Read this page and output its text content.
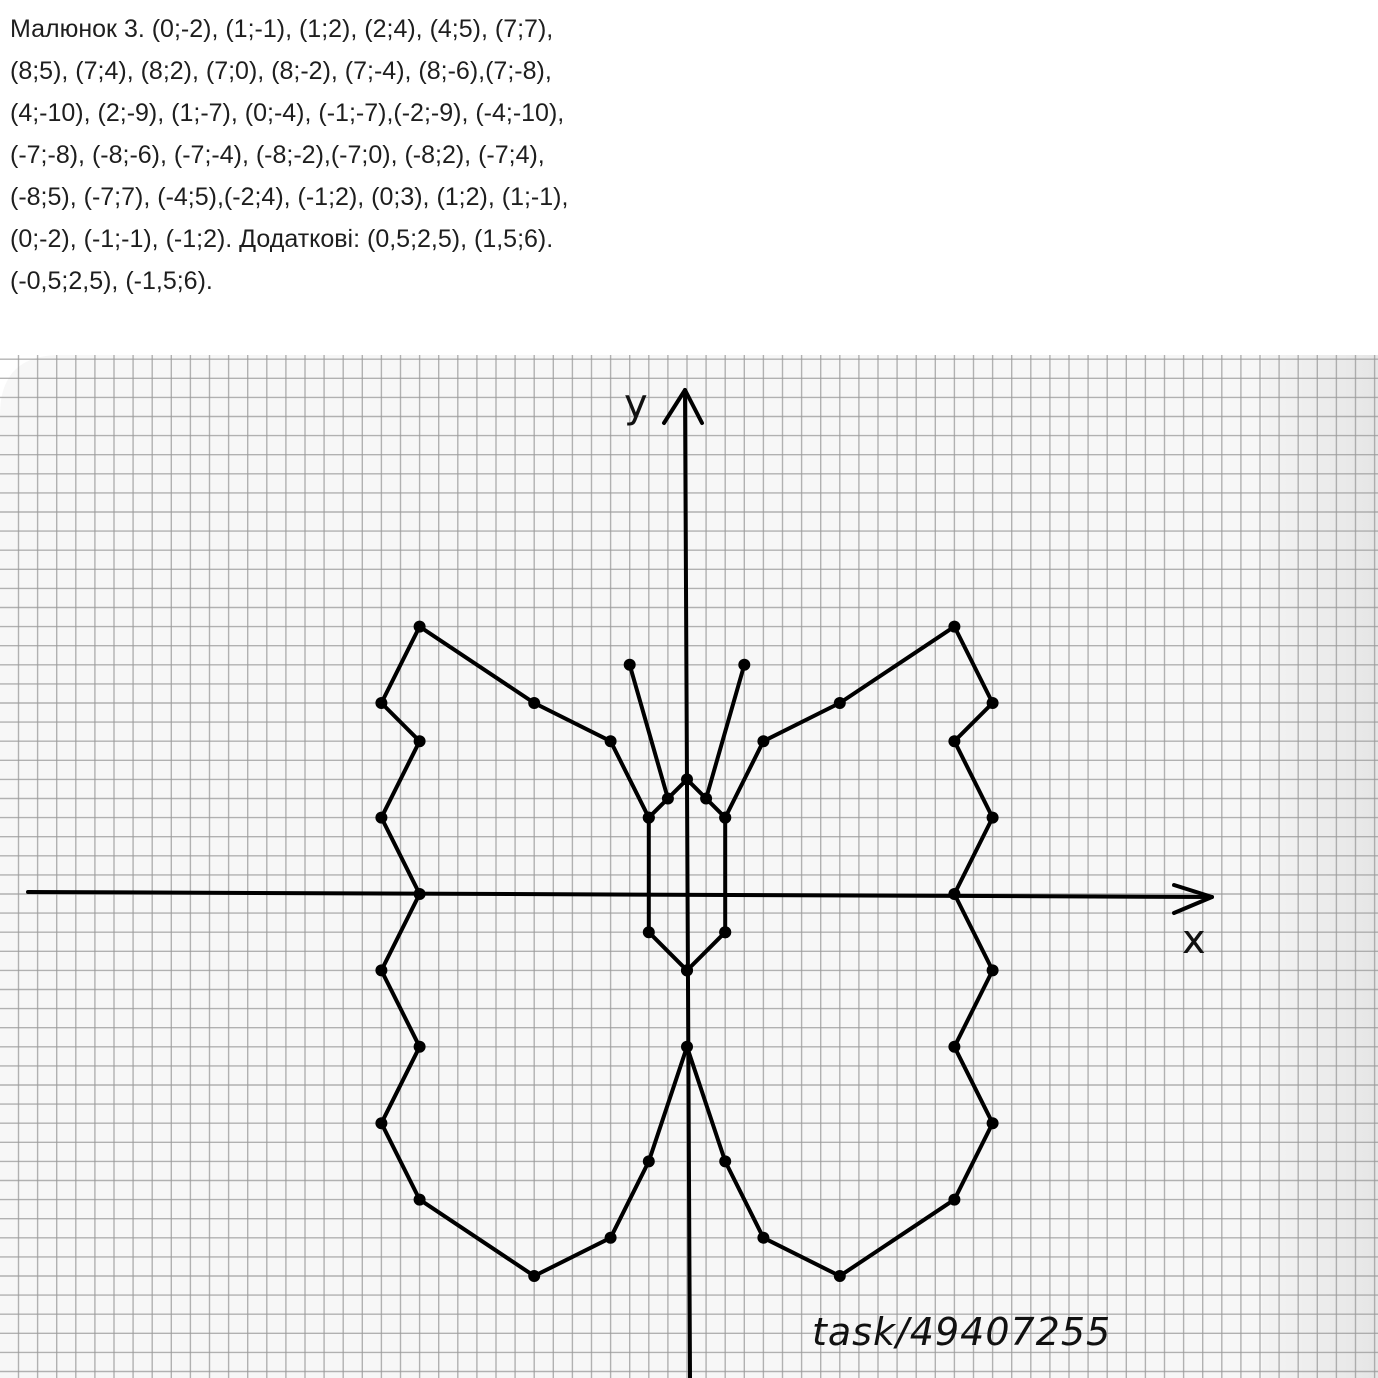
Малюнок 3. (0;-2), (1;-1), (1;2), (2;4), (4;5), (7;7),
(8;5), (7;4), (8;2), (7;0), (8;-2), (7;-4), (8;-6),(7;-8),
(4;-10), (2;-9), (1;-7), (0;-4), (-1;-7),(-2;-9), (-4;-10),
(-7;-8), (-8;-6), (-7;-4), (-8;-2),(-7;0), (-8;2), (-7;4),
(-8;5), (-7;7), (-4;5),(-2;4), (-1;2), (0;3), (1;2), (1;-1),
(0;-2), (-1;-1), (-1;2). Додаткові: (0,5;2,5), (1,5;6).
(-0,5;2,5), (-1,5;6).
x
y
task/49407255
